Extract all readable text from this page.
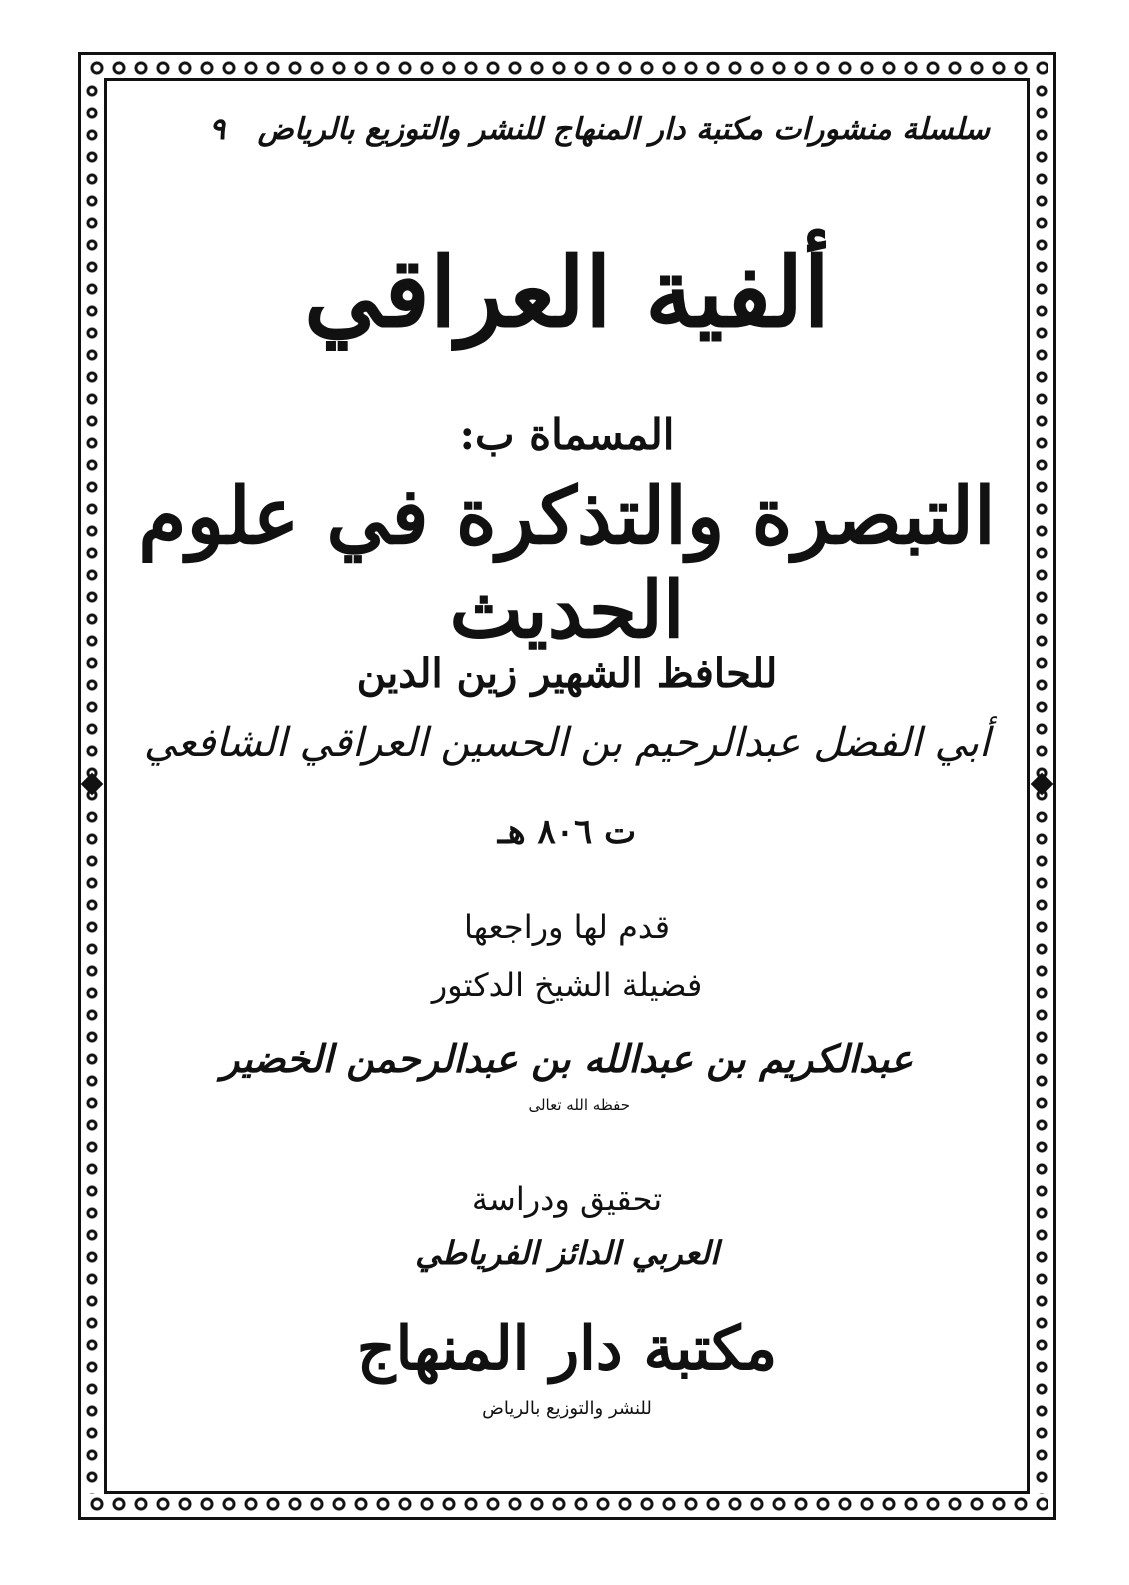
سلسلة منشورات مكتبة دار المنهاج للنشر والتوزيع بالرياض ٩
ألفية العراقي
المسماة ب:
التبصرة والتذكرة في علوم الحديث
للحافظ الشهير زين الدين
أبي الفضل عبدالرحيم بن الحسين العراقي الشافعي
ت ٨٠٦ هـ
قدم لها وراجعها
فضيلة الشيخ الدكتور
عبدالكريم بن عبدالله بن عبدالرحمن الخضير
حفظه الله تعالى
تحقيق ودراسة
العربي الدائز الفرياطي
مكتبة دار المنهاج
للنشر والتوزيع بالرياض
